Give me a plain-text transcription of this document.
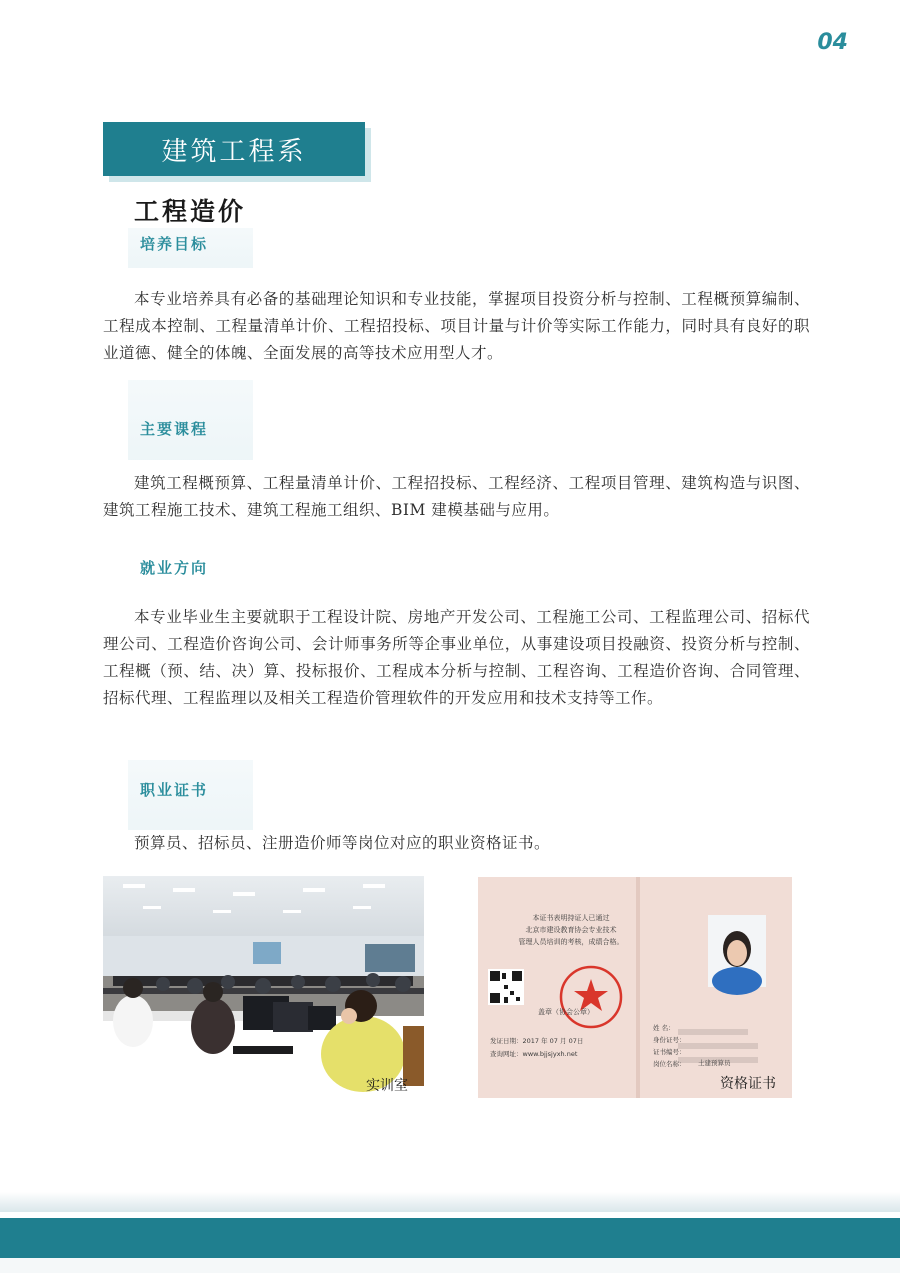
04
建筑工程系
工程造价
培养目标

本专业培养具有必备的基础理论知识和专业技能，掌握项目投资分析与控制、工程概预算编制、工程成本控制、工程量清单计价、工程招投标、项目计量与计价等实际工作能力，同时具有良好的职业道德、健全的体魄、全面发展的高等技术应用型人才。

主要课程

建筑工程概预算、工程量清单计价、工程招投标、工程经济、工程项目管理、建筑构造与识图、建筑工程施工技术、建筑工程施工组织、BIM 建模基础与应用。

就业方向

本专业毕业生主要就职于工程设计院、房地产开发公司、工程施工公司、工程监理公司、招标代理公司、工程造价咨询公司、会计师事务所等企事业单位，从事建设项目投融资、投资分析与控制、工程概（预、结、决）算、投标报价、工程成本分析与控制、工程咨询、工程造价咨询、合同管理、招标代理、工程监理以及相关工程造价管理软件的开发应用和技术支持等工作。

职业证书

预算员、招标员、注册造价师等岗位对应的职业资格证书。

实训室
本证书表明持证人已通过
北京市建设教育协会专业技术
管理人员培训的考核，成绩合格。
盖章（协会公章）
发证日期：2017 年 07 月 07日
查询网址：www.bjjsjyxh.net
姓 名：
身份证号：
证书编号：
岗位名称： 土建预算员
资格证书
